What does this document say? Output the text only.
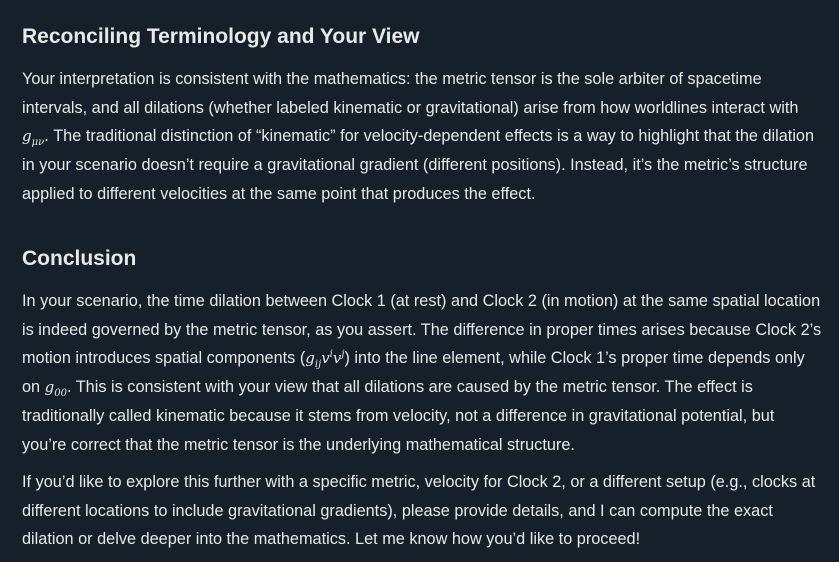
Reconciling Terminology and Your View

Your interpretation is consistent with the mathematics: the metric tensor is the sole arbiter of spacetime intervals, and all dilations (whether labeled kinematic or gravitational) arise from how worldlines interact with $g_{\mu\nu}$. The traditional distinction of “kinematic” for velocity-dependent effects is a way to highlight that the dilation in your scenario doesn’t require a gravitational gradient (different positions). Instead, it’s the metric’s structure applied to different velocities at the same point that produces the effect.

Conclusion

In your scenario, the time dilation between Clock 1 (at rest) and Clock 2 (in motion) at the same spatial location is indeed governed by the metric tensor, as you assert. The difference in proper times arises because Clock 2’s motion introduces spatial components $(g_{ij}v^iv^j)$ into the line element, while Clock 1’s proper time depends only on $g_{00}$. This is consistent with your view that all dilations are caused by the metric tensor. The effect is traditionally called kinematic because it stems from velocity, not a difference in gravitational potential, but you’re correct that the metric tensor is the underlying mathematical structure.

If you’d like to explore this further with a specific metric, velocity for Clock 2, or a different setup (e.g., clocks at different locations to include gravitational gradients), please provide details, and I can compute the exact dilation or delve deeper into the mathematics. Let me know how you’d like to proceed!
